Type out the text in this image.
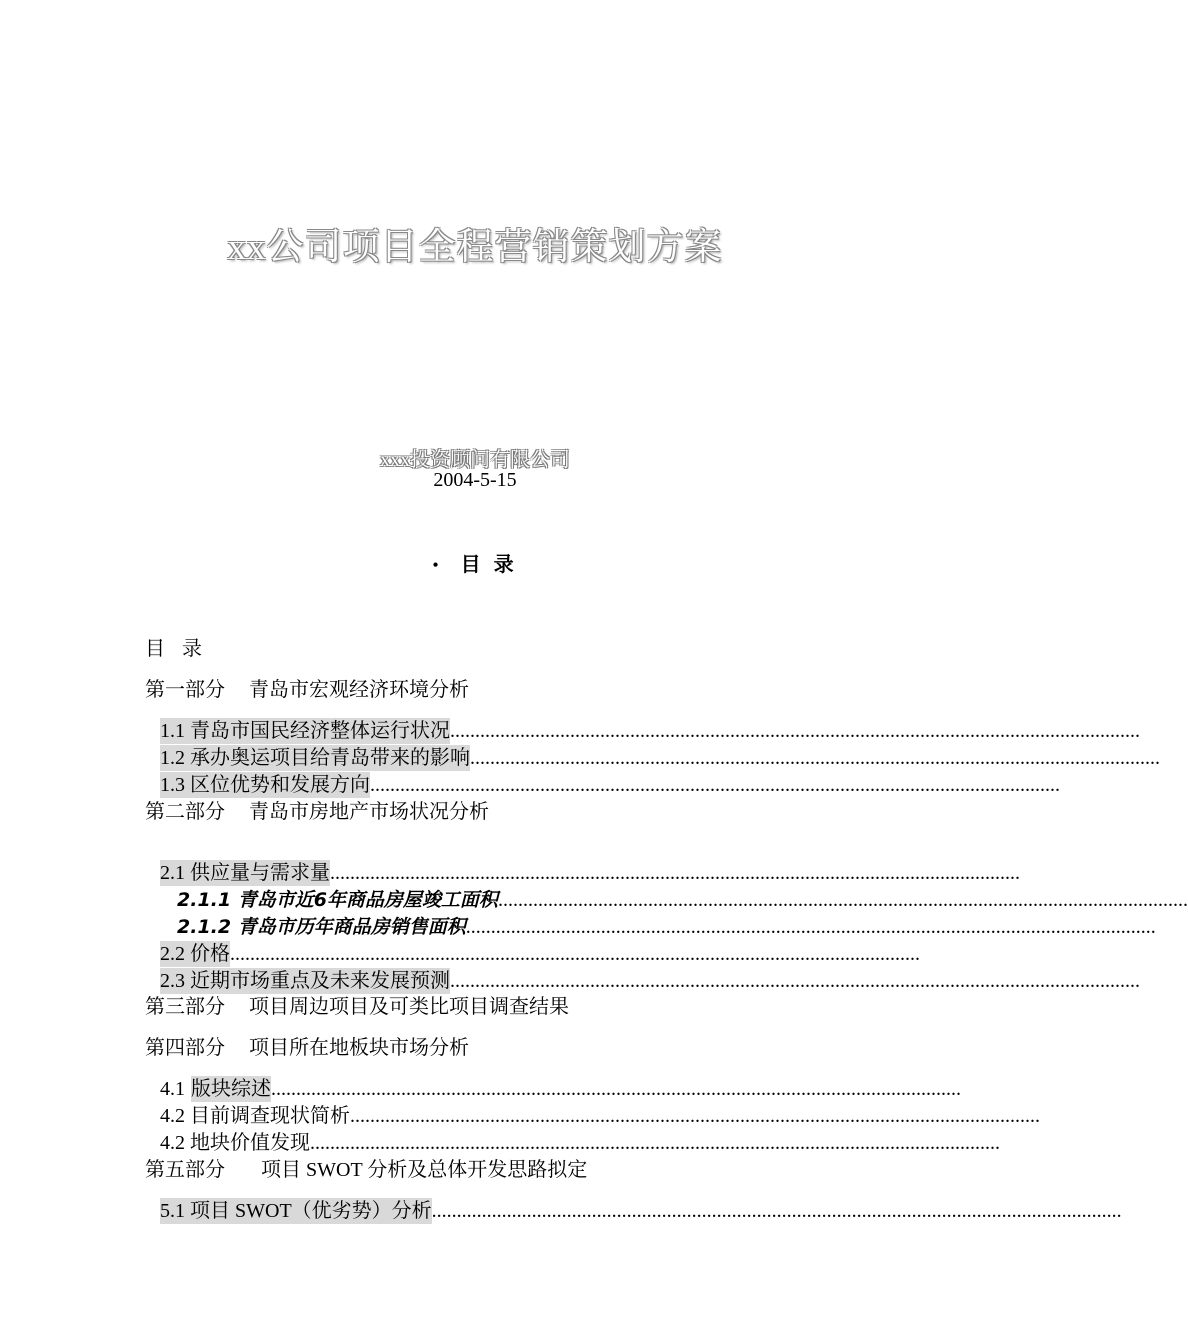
xx公司项目全程营销策划方案
xxx投资顾问有限公司
2004-5-15
• 目 录
目 录
第一部分 青岛市宏观经济环境分析
1.1 青岛市国民经济整体运行状况 ..........................................................................................................................................
1.2 承办奥运项目给青岛带来的影响 ..........................................................................................................................................
1.3 区位优势和发展方向 ..........................................................................................................................................
第二部分 青岛市房地产市场状况分析
2.1 供应量与需求量 ..........................................................................................................................................
2.1.1 青岛市近6年商品房屋竣工面积 ..........................................................................................................................................
2.1.2 青岛市历年商品房销售面积 ..........................................................................................................................................
2.2 价格 ..........................................................................................................................................
2.3 近期市场重点及未来发展预测 ..........................................................................................................................................
第三部分 项目周边项目及可类比项目调查结果
第四部分 项目所在地板块市场分析
4.1 版块综述 ..........................................................................................................................................
4.2 目前调查现状简析 ..........................................................................................................................................
4.2 地块价值发现 ..........................................................................................................................................
第五部分 项目 SWOT 分析及总体开发思路拟定
5.1 项目 SWOT（优劣势）分析 ..........................................................................................................................................
